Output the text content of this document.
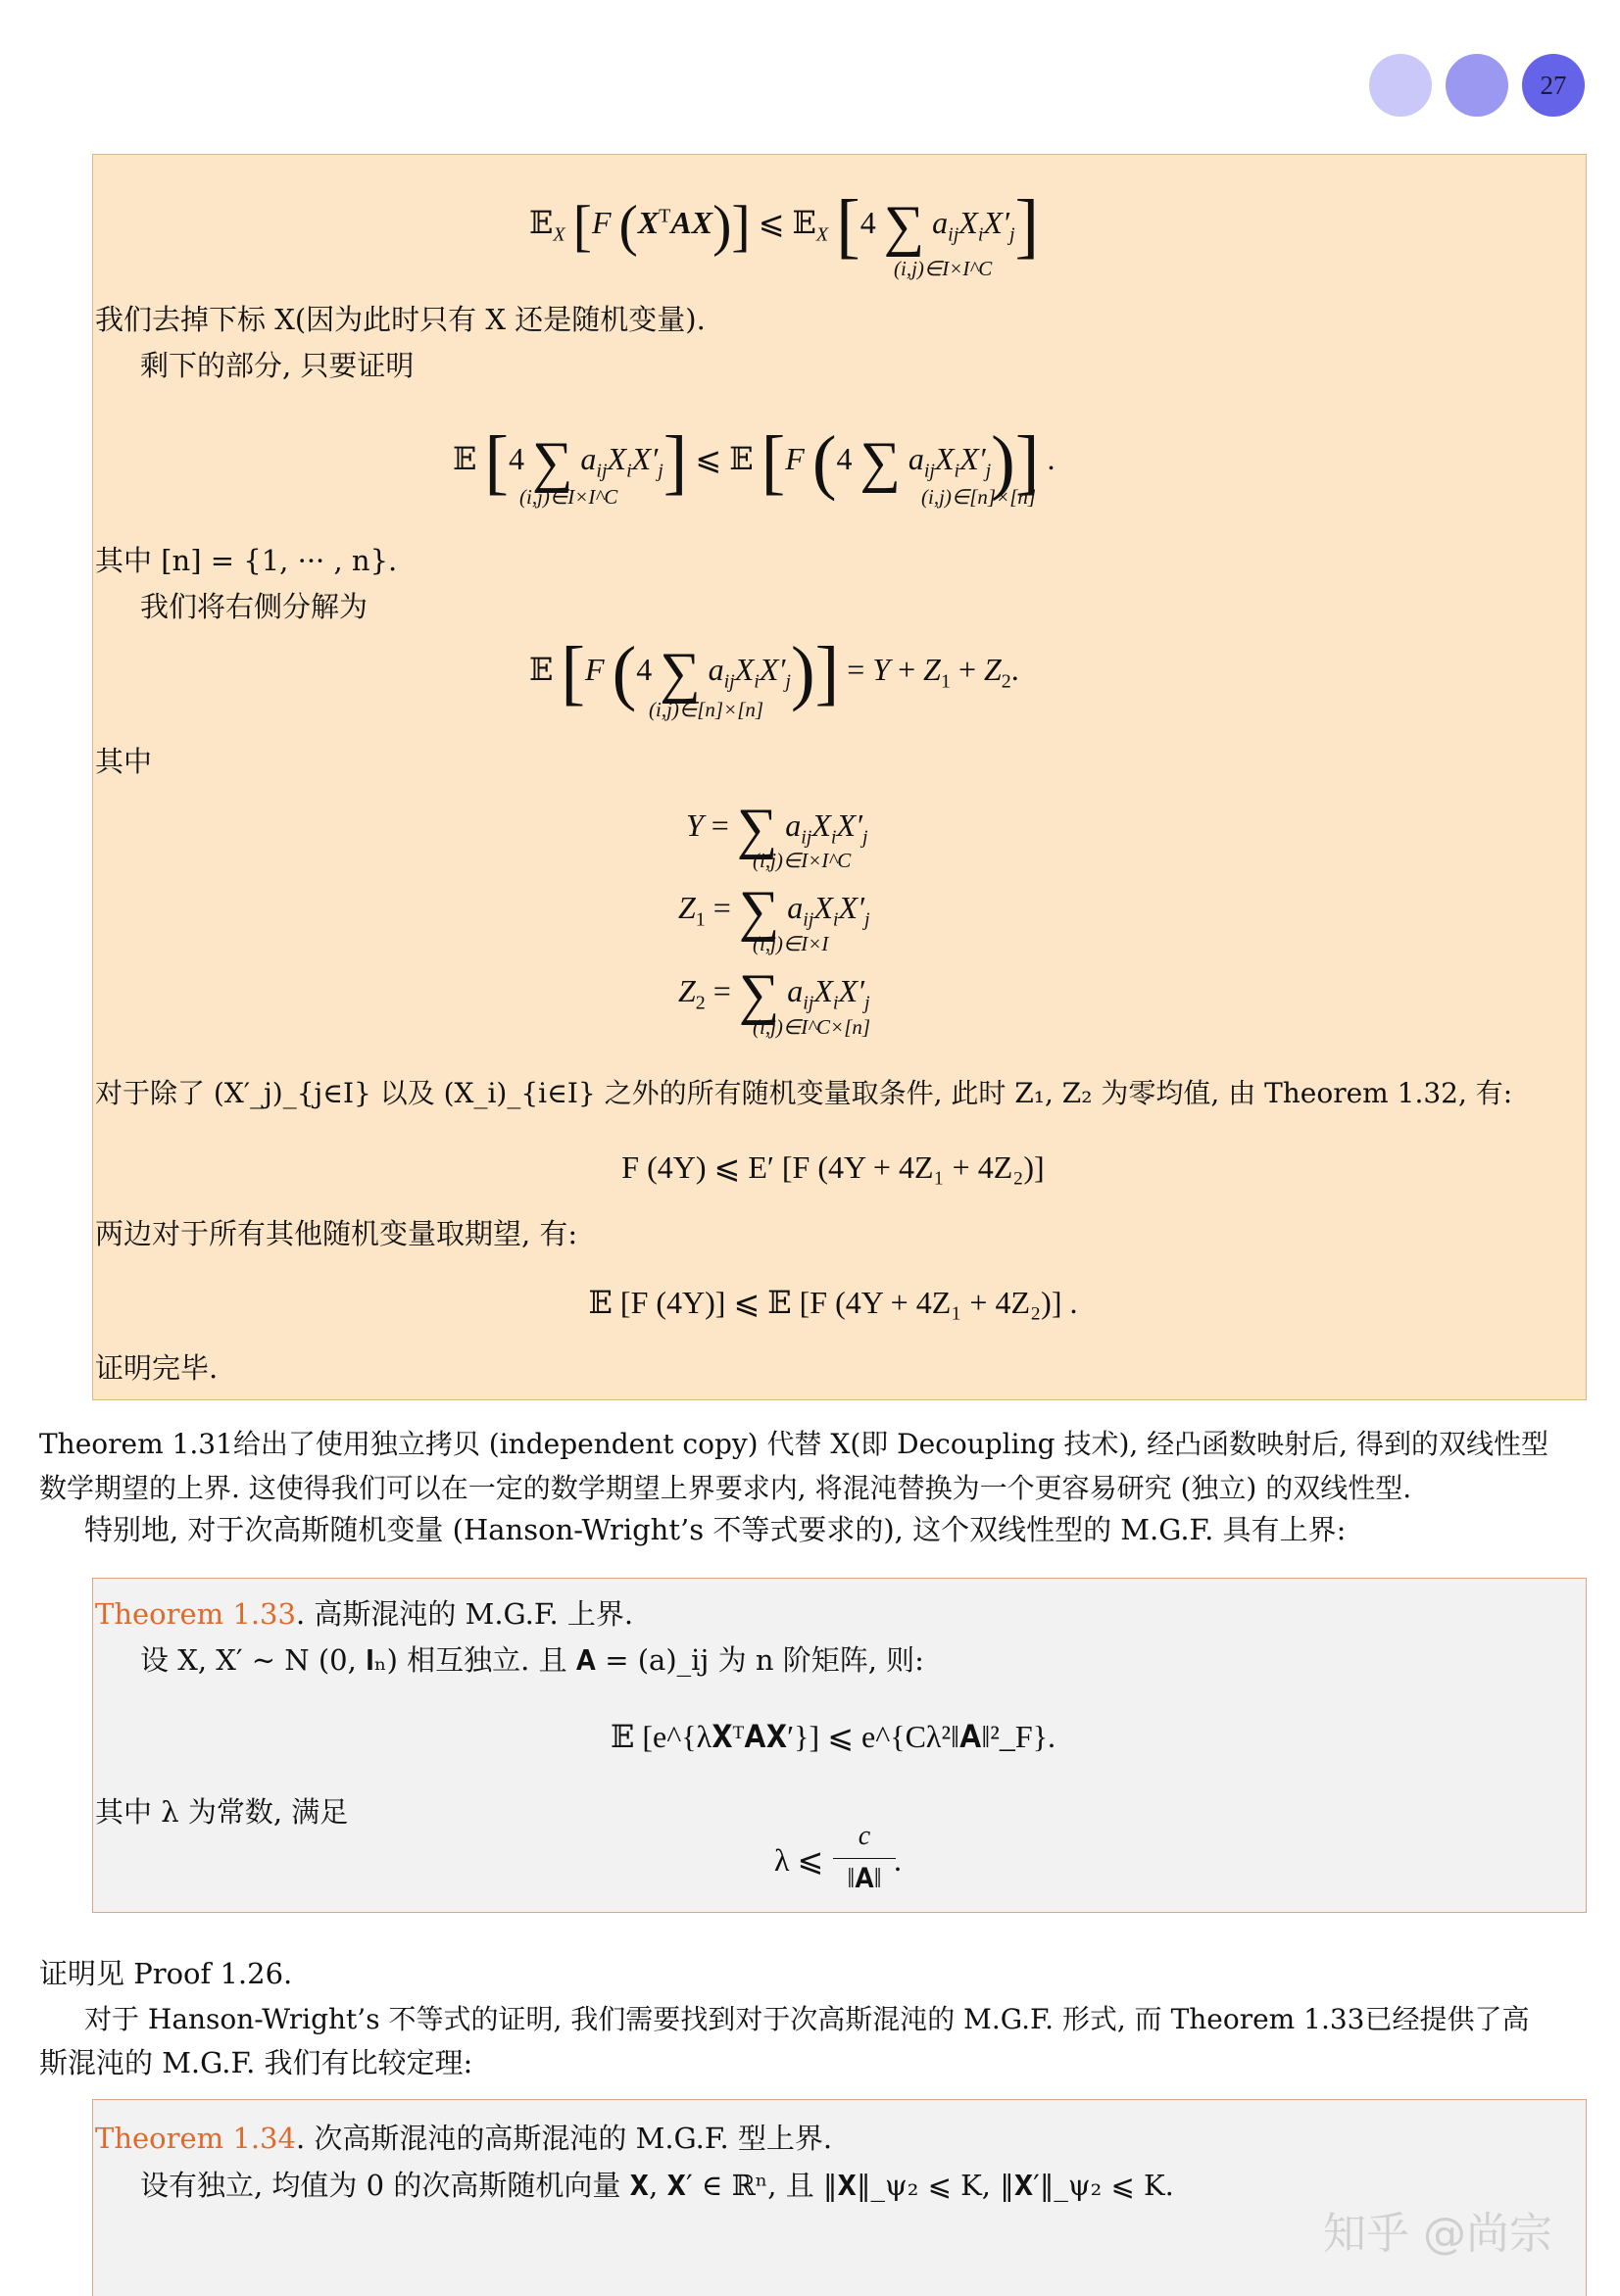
27
𝔼$_X$ [F $(X^TAX)$] ⩽ 𝔼$_X$ [4 ∑ $a_{ij}X_iX'_j$]
(i,j)∈I×I^C
我们去掉下标 X(因为此时只有 X 还是随机变量).
剩下的部分, 只要证明
𝔼 [4 ∑ $a_{ij}X_iX'_j$] ⩽ 𝔼 [F (4 ∑ $a_{ij}X_iX'_j$)] .
(i,j)∈I×I^C	(i,j)∈[n]×[n]
其中 [n] = {1, ··· , n}.
我们将右侧分解为
𝔼 [F (4 ∑ $a_{ij}X_iX'_j)] = Y + Z_1 + Z_2$.
(i,j)∈[n]×[n]
其中
Y = ∑ $a_{ij}X_iX'_j$
(i,j)∈I×I^C
$Z_1$ = ∑ $a_{ij}X_iX'_j$
(i,j)∈I×I
$Z_2$ = ∑ $a_{ij}X_iX'_j$
(i,j)∈I^C×[n]
对于除了 (X′_j)_{j∈I} 以及 (X_i)_{i∈I} 之外的所有随机变量取条件, 此时 Z₁, Z₂ 为零均值, 由 Theorem 1.32, 有:
F (4Y) ⩽ E′ [F (4Y + 4Z₁ + 4Z₂)]
两边对于所有其他随机变量取期望, 有:
𝔼 [F (4Y)] ⩽ 𝔼 [F (4Y + 4Z₁ + 4Z₂)] .
证明完毕.
Theorem 1.31给出了使用独立拷贝 (independent copy) 代替 X(即 Decoupling 技术), 经凸函数映射后, 得到的双线性型
数学期望的上界. 这使得我们可以在一定的数学期望上界要求内, 将混沌替换为一个更容易研究 (独立) 的双线性型.
特别地, 对于次高斯随机变量 (Hanson-Wright’s 不等式要求的), 这个双线性型的 M.G.F. 具有上界:
Theorem 1.33. 高斯混沌的 M.G.F. 上界.
设 X, X′ ∼ N (0, 𝐈ₙ) 相互独立. 且 𝐀 = (a)_ij 为 n 阶矩阵, 则:
𝔼 [e^{λ𝐗ᵀ𝐀𝐗′}] ⩽ e^{Cλ²‖𝐀‖²_F}.
其中 λ 为常数, 满足
λ ⩽
c
‖𝐀‖
.
证明见 Proof 1.26.
对于 Hanson-Wright’s 不等式的证明, 我们需要找到对于次高斯混沌的 M.G.F. 形式, 而 Theorem 1.33已经提供了高
斯混沌的 M.G.F. 我们有比较定理:
Theorem 1.34. 次高斯混沌的高斯混沌的 M.G.F. 型上界.
设有独立, 均值为 0 的次高斯随机向量 𝐗, 𝐗′ ∈ ℝⁿ, 且 ‖𝐗‖_ψ₂ ⩽ K, ‖𝐗′‖_ψ₂ ⩽ K.
知乎 @尚宗
